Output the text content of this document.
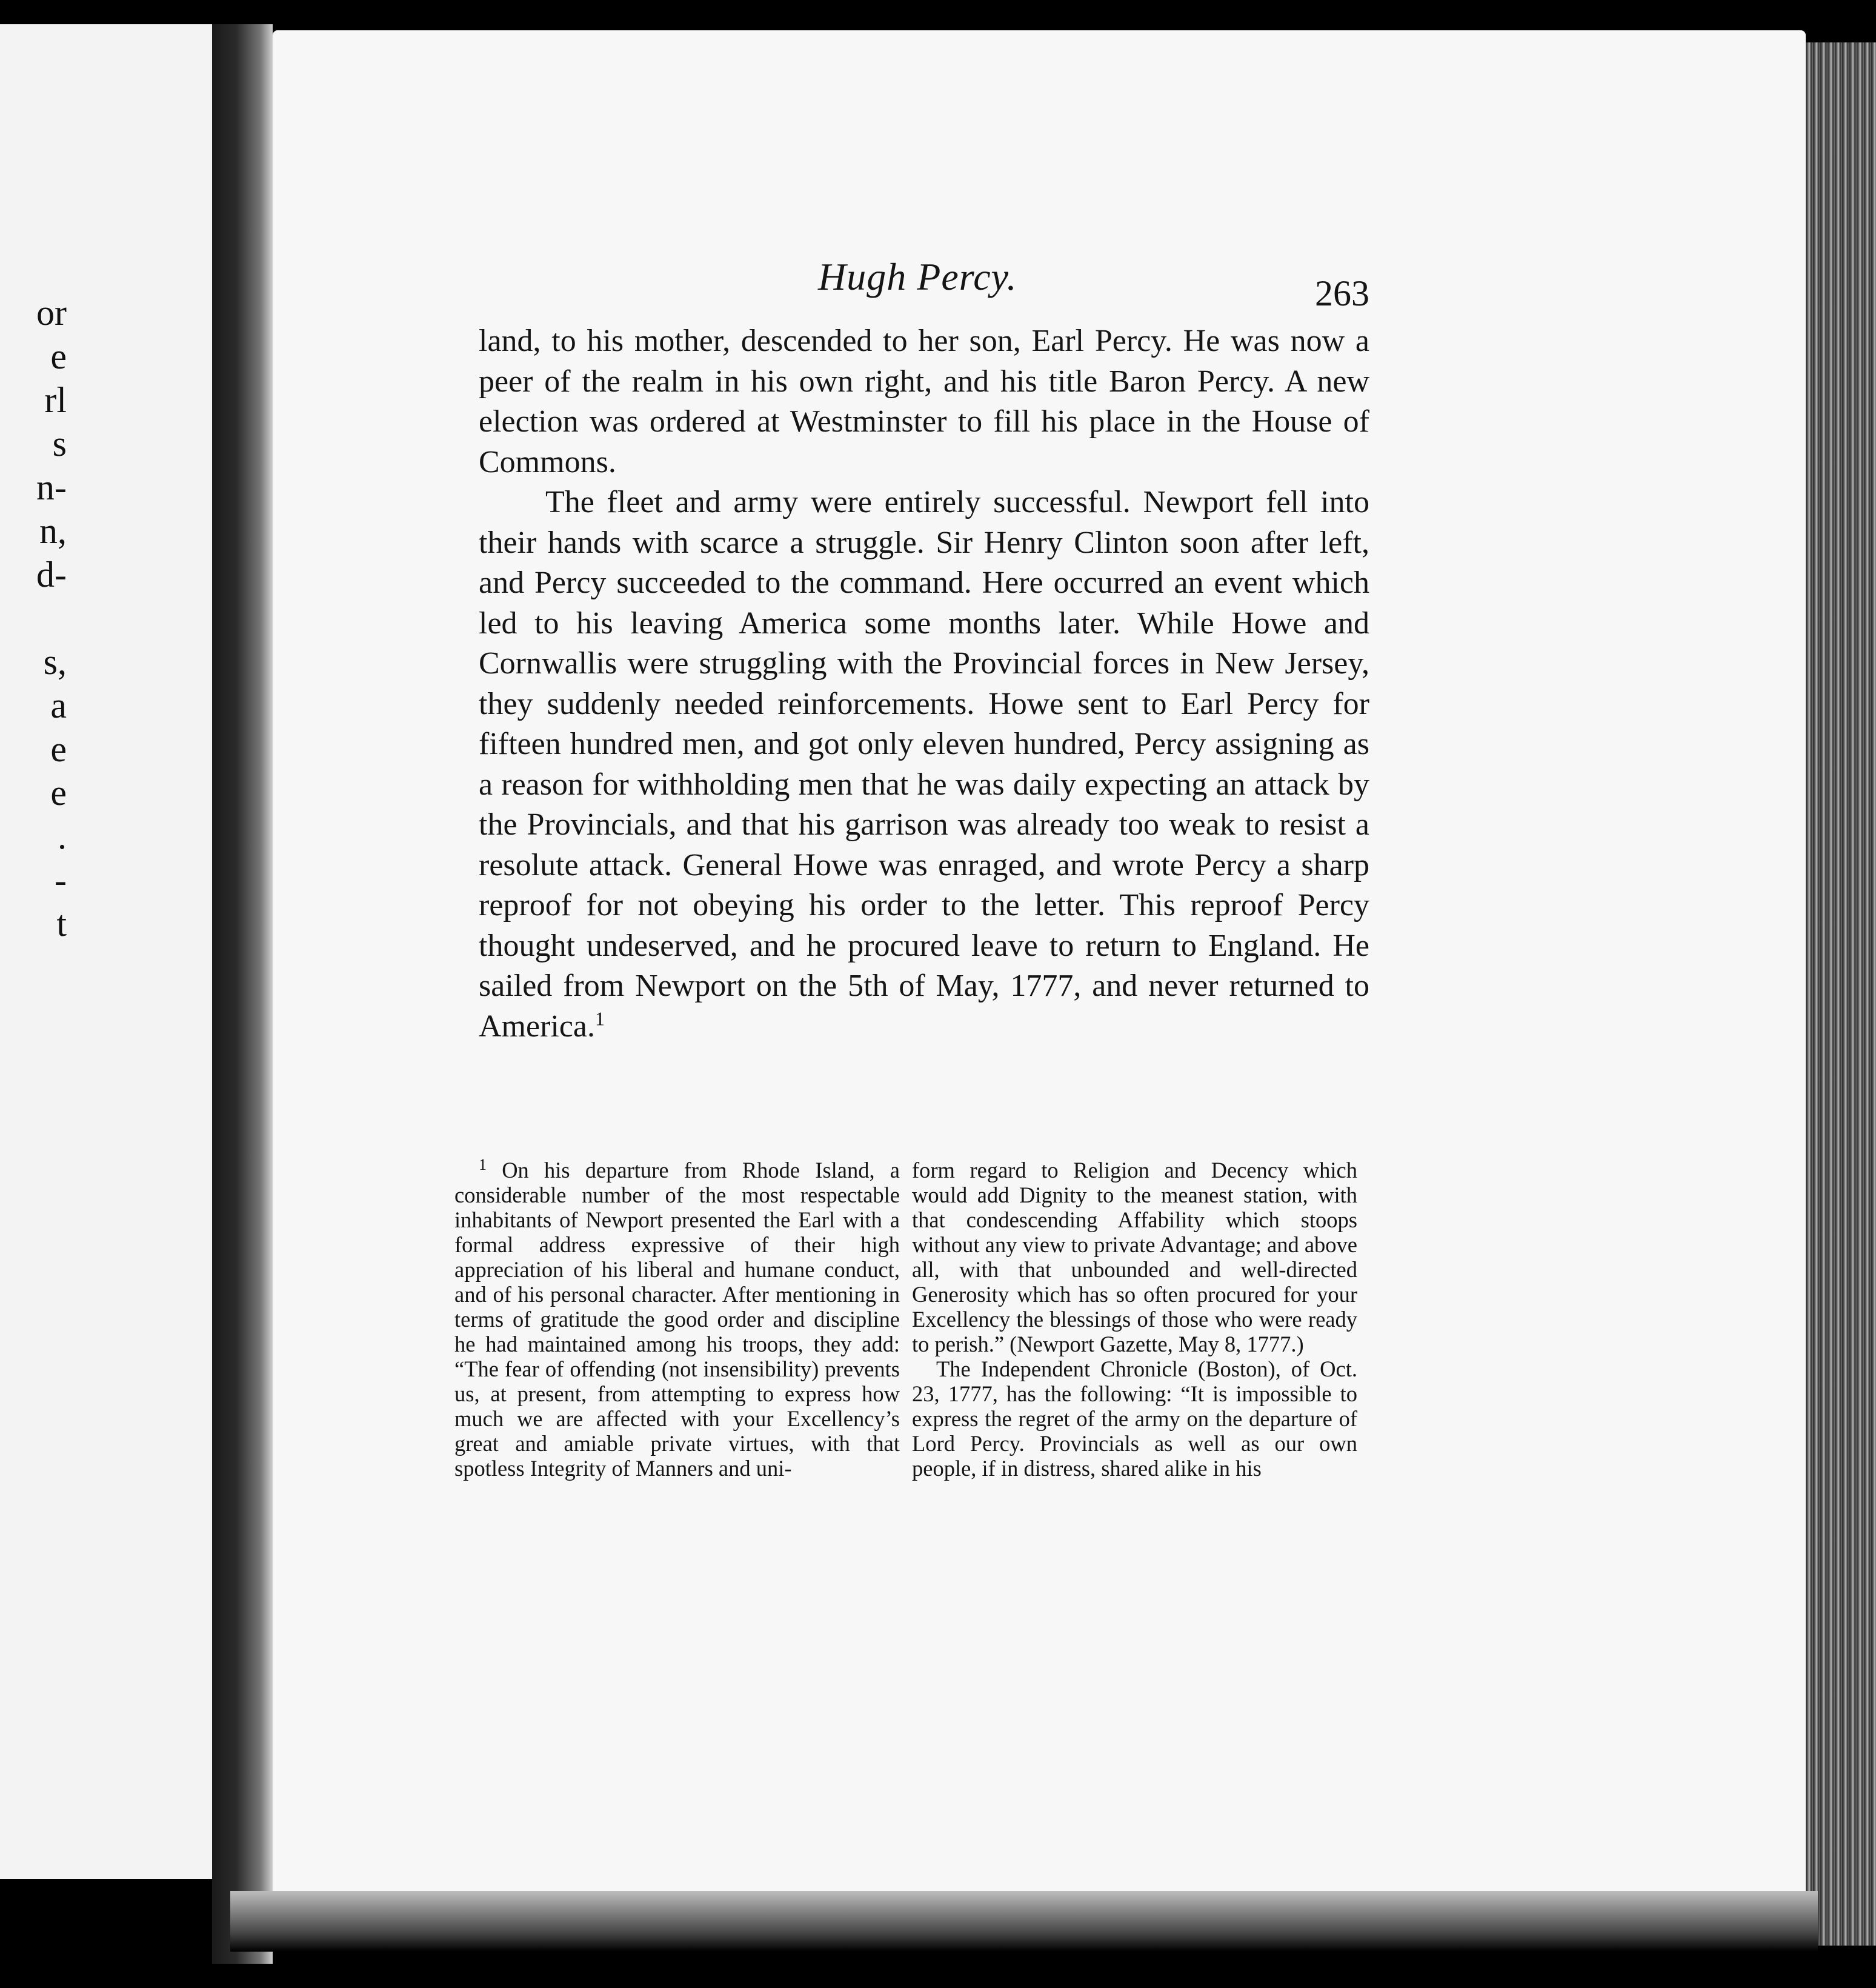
or
e
rl
s
n-
n,
d-

s,
a
e
e
.
-
t

Hugh Percy.	263

land, to his mother, descended to her son, Earl Percy. He was now a peer of the realm in his own right, and his title Baron Percy. A new election was ordered at Westminster to fill his place in the House of Commons.

The fleet and army were entirely successful. Newport fell into their hands with scarce a struggle. Sir Henry Clinton soon after left, and Percy succeeded to the command. Here occurred an event which led to his leaving America some months later. While Howe and Cornwallis were struggling with the Provincial forces in New Jersey, they suddenly needed reinforcements. Howe sent to Earl Percy for fifteen hundred men, and got only eleven hundred, Percy assigning as a reason for withholding men that he was daily expecting an attack by the Provincials, and that his garrison was already too weak to resist a resolute attack. General Howe was enraged, and wrote Percy a sharp reproof for not obeying his order to the letter. This reproof Percy thought undeserved, and he procured leave to return to England. He sailed from Newport on the 5th of May, 1777, and never returned to America.$^1$

$^1$ On his departure from Rhode Island, a considerable number of the most respectable inhabitants of Newport presented the Earl with a formal address expressive of their high appreciation of his liberal and humane conduct, and of his personal character. After mentioning in terms of gratitude the good order and discipline he had maintained among his troops, they add: “The fear of offending (not insensibility) prevents us, at present, from attempting to express how much we are affected with your Excellency’s great and amiable private virtues, with that spotless Integrity of Manners and uni-

form regard to Religion and Decency which would add Dignity to the meanest station, with that condescending Affability which stoops without any view to private Advantage; and above all, with that unbounded and well-directed Generosity which has so often procured for your Excellency the blessings of those who were ready to perish.” (Newport Gazette, May 8, 1777.)

The Independent Chronicle (Boston), of Oct. 23, 1777, has the following: “It is impossible to express the regret of the army on the departure of Lord Percy. Provincials as well as our own people, if in distress, shared alike in his
